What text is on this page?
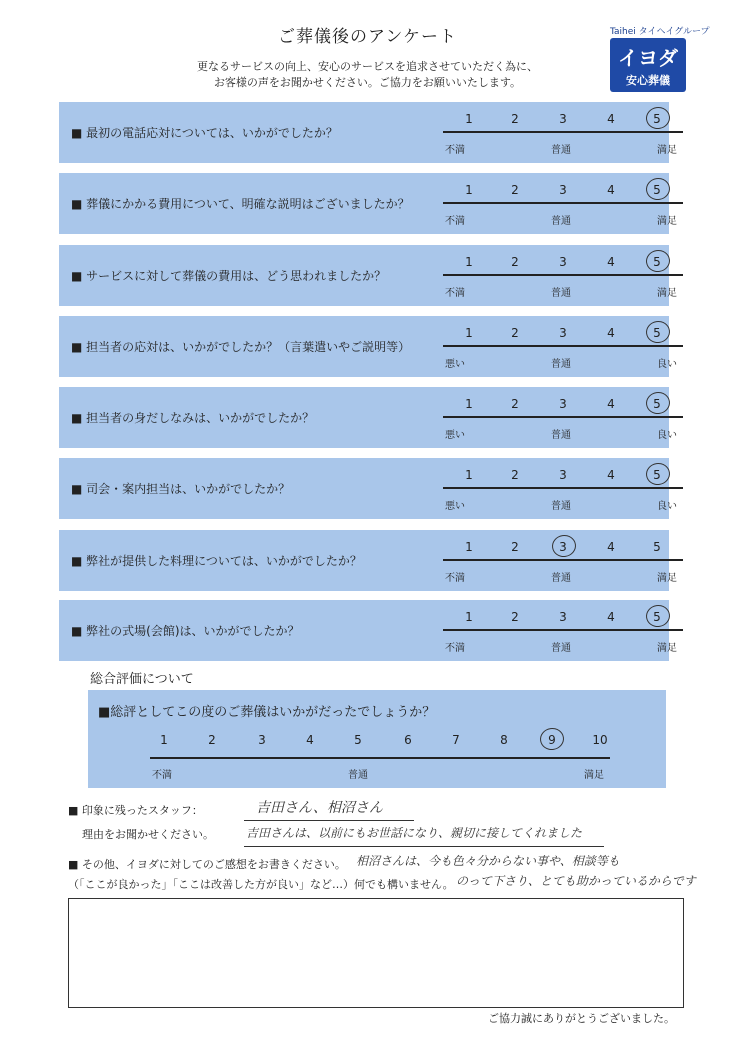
ご葬儀後のアンケート
更なるサービスの向上、安心のサービスを追求させていただく為に、
お客様の声をお聞かせください。ご協力をお願いいたします。
Taihei タイヘイグループ
イヨダ
安心葬儀
■ 最初の電話応対については、いかがでしたか？
1	2	3	4	5
不満	普通	満足
■ 葬儀にかかる費用について、明確な説明はございましたか？
1	2	3	4	5
不満	普通	満足
■ サービスに対して葬儀の費用は、どう思われましたか？
1	2	3	4	5
不満	普通	満足
■ 担当者の応対は、いかがでしたか？（言葉遣いやご説明等）
1	2	3	4	5
悪い	普通	良い
■ 担当者の身だしなみは、いかがでしたか？
1	2	3	4	5
悪い	普通	良い
■ 司会・案内担当は、いかがでしたか？
1	2	3	4	5
悪い	普通	良い
■ 弊社が提供した料理については、いかがでしたか？
1	2	3	4	5
不満	普通	満足
■ 弊社の式場(会館)は、いかがでしたか？
1	2	3	4	5
不満	普通	満足
総合評価について
■総評としてこの度のご葬儀はいかがだったでしょうか？
1	2	3	4	5	6	7	8	9	10
不満	普通	満足
■ 印象に残ったスタッフ：	吉田さん、相沼さん
理由をお聞かせください。	吉田さんは、以前にもお世話になり、親切に接してくれました
■ その他、イヨダに対してのご感想をお書きください。 相沼さんは、今も色々分からない事や、相談等も
（「ここが良かった」「ここは改善した方が良い」など…）何でも構いません。 のって下さり、とても助かっているからです
ご協力誠にありがとうございました。
